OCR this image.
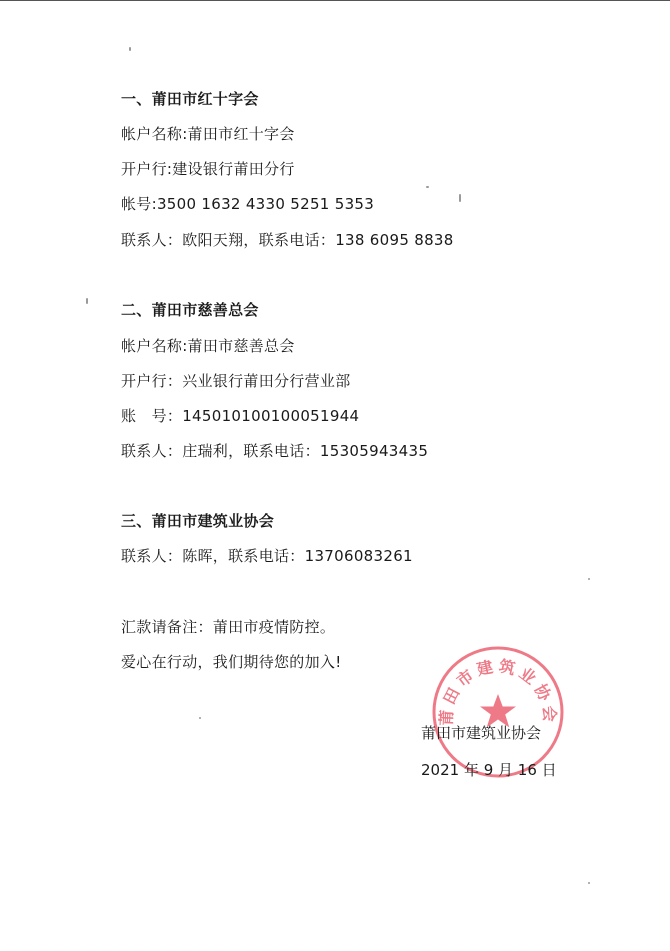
一、莆田市红十字会
帐户名称:莆田市红十字会
开户行:建设银行莆田分行
帐号:3500 1632 4330 5251 5353
联系人：欧阳天翔，联系电话：138 6095 8838
二、莆田市慈善总会
帐户名称:莆田市慈善总会
开户行：兴业银行莆田分行营业部
账　号：145010100100051944
联系人：庄瑞利，联系电话：15305943435
三、莆田市建筑业协会
联系人：陈晖，联系电话：13706083261
汇款请备注：莆田市疫情防控。
爱心在行动，我们期待您的加入!
莆田市建筑业协会
莆田市建筑业协会
2021 年 9 月 16 日
